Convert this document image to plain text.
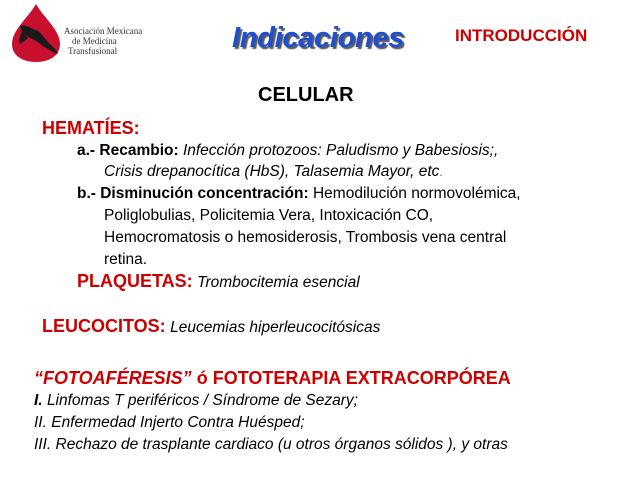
Asociación Mexicana
de Medicina
Transfusional	Indicaciones	INTRODUCCIÓN
CELULAR
HEMATÍES:
a.- Recambio: Infección protozoos: Paludismo y Babesiosis;,
Crisis drepanocítica (HbS), Talasemia Mayor, etc.
b.- Disminución concentración: Hemodilución normovolémica,
Poliglobulias, Policitemia Vera, Intoxicación CO,
Hemocromatosis o hemosiderosis, Trombosis vena central
retina.
PLAQUETAS: Trombocitemia esencial
LEUCOCITOS: Leucemias hiperleucocitósicas
“FOTOAFÉRESIS” ó FOTOTERAPIA EXTRACORPÓREA
I. Linfomas T periféricos / Síndrome de Sezary;
II. Enfermedad Injerto Contra Huésped;
III. Rechazo de trasplante cardiaco (u otros órganos sólidos ), y otras
